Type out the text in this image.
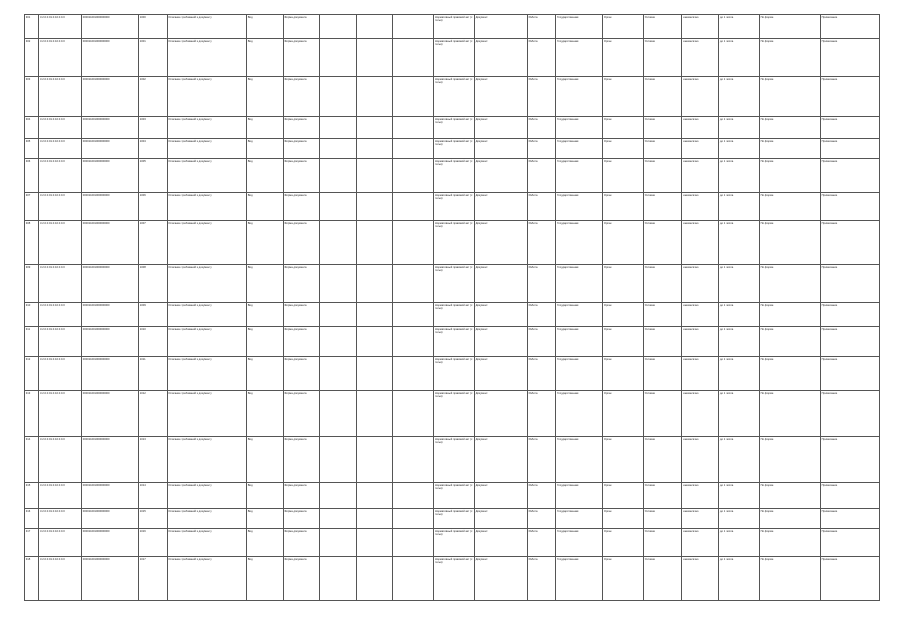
301	3.2.0.0.01.0.10.0.0.0	000011001000000000	1000	Описание требований к документу	Вид	Форма документа				Нормативный правовой акт (статья)	Документ	Работа	Государственная	Орган	Условие	ежемесячно	до 1 числа	По форме	Примечание
302	3.2.0.0.01.0.10.0.0.0	000011001000000000	1001	Описание требований к документу	Вид	Форма документа				Нормативный правовой акт (статья)	Документ	Работа	Государственная	Орган	Условие	ежемесячно	до 1 числа	По форме	Примечание
303	3.2.0.0.01.0.10.0.0.0	000011001000000000	1002	Описание требований к документу	Вид	Форма документа				Нормативный правовой акт (статья)	Документ	Работа	Государственная	Орган	Условие	ежемесячно	до 1 числа	По форме	Примечание
304	3.2.0.0.01.0.10.0.0.0	000011001000000000	1003	Описание требований к документу	Вид	Форма документа				Нормативный правовой акт (статья)	Документ	Работа	Государственная	Орган	Условие	ежемесячно	до 1 числа	По форме	Примечание
305	3.2.0.0.01.0.10.0.0.0	000011001000000000	1004	Описание требований к документу	Вид	Форма документа				Нормативный правовой акт (статья)	Документ	Работа	Государственная	Орган	Условие	ежемесячно	до 1 числа	По форме	Примечание
306	3.2.0.0.01.0.10.0.0.0	000011001000000000	1005	Описание требований к документу	Вид	Форма документа				Нормативный правовой акт (статья)	Документ	Работа	Государственная	Орган	Условие	ежемесячно	до 1 числа	По форме	Примечание
307	3.2.0.0.01.0.10.0.0.0	000011001000000000	1006	Описание требований к документу	Вид	Форма документа				Нормативный правовой акт (статья)	Документ	Работа	Государственная	Орган	Условие	ежемесячно	до 1 числа	По форме	Примечание
308	3.2.0.0.01.0.10.0.0.0	000011001000000000	1007	Описание требований к документу	Вид	Форма документа				Нормативный правовой акт (статья)	Документ	Работа	Государственная	Орган	Условие	ежемесячно	до 1 числа	По форме	Примечание
309	3.2.0.0.01.0.10.0.0.0	000011001000000000	1008	Описание требований к документу	Вид	Форма документа				Нормативный правовой акт (статья)	Документ	Работа	Государственная	Орган	Условие	ежемесячно	до 1 числа	По форме	Примечание
310	3.2.0.0.01.0.10.0.0.0	000011001000000000	1009	Описание требований к документу	Вид	Форма документа				Нормативный правовой акт (статья)	Документ	Работа	Государственная	Орган	Условие	ежемесячно	до 1 числа	По форме	Примечание
311	3.2.0.0.01.0.10.0.0.0	000011001000000000	1010	Описание требований к документу	Вид	Форма документа				Нормативный правовой акт (статья)	Документ	Работа	Государственная	Орган	Условие	ежемесячно	до 1 числа	По форме	Примечание
312	3.2.0.0.01.0.10.0.0.0	000011001000000000	1011	Описание требований к документу	Вид	Форма документа				Нормативный правовой акт (статья)	Документ	Работа	Государственная	Орган	Условие	ежемесячно	до 1 числа	По форме	Примечание
313	3.2.0.0.01.0.10.0.0.0	000011001000000000	1012	Описание требований к документу	Вид	Форма документа				Нормативный правовой акт (статья)	Документ	Работа	Государственная	Орган	Условие	ежемесячно	до 1 числа	По форме	Примечание
314	3.2.0.0.01.0.10.0.0.0	000011001000000000	1013	Описание требований к документу	Вид	Форма документа				Нормативный правовой акт (статья)	Документ	Работа	Государственная	Орган	Условие	ежемесячно	до 1 числа	По форме	Примечание
315	3.2.0.0.01.0.10.0.0.0	000011001000000000	1014	Описание требований к документу	Вид	Форма документа				Нормативный правовой акт (статья)	Документ	Работа	Государственная	Орган	Условие	ежемесячно	до 1 числа	По форме	Примечание
316	3.2.0.0.01.0.10.0.0.0	000011001000000000	1015	Описание требований к документу	Вид	Форма документа				Нормативный правовой акт (статья)	Документ	Работа	Государственная	Орган	Условие	ежемесячно	до 1 числа	По форме	Примечание
317	3.2.0.0.01.0.10.0.0.0	000011001000000000	1016	Описание требований к документу	Вид	Форма документа				Нормативный правовой акт (статья)	Документ	Работа	Государственная	Орган	Условие	ежемесячно	до 1 числа	По форме	Примечание
318	3.2.0.0.01.0.10.0.0.0	000011001000000000	1017	Описание требований к документу	Вид	Форма документа				Нормативный правовой акт (статья)	Документ	Работа	Государственная	Орган	Условие	ежемесячно	до 1 числа	По форме	Примечание
